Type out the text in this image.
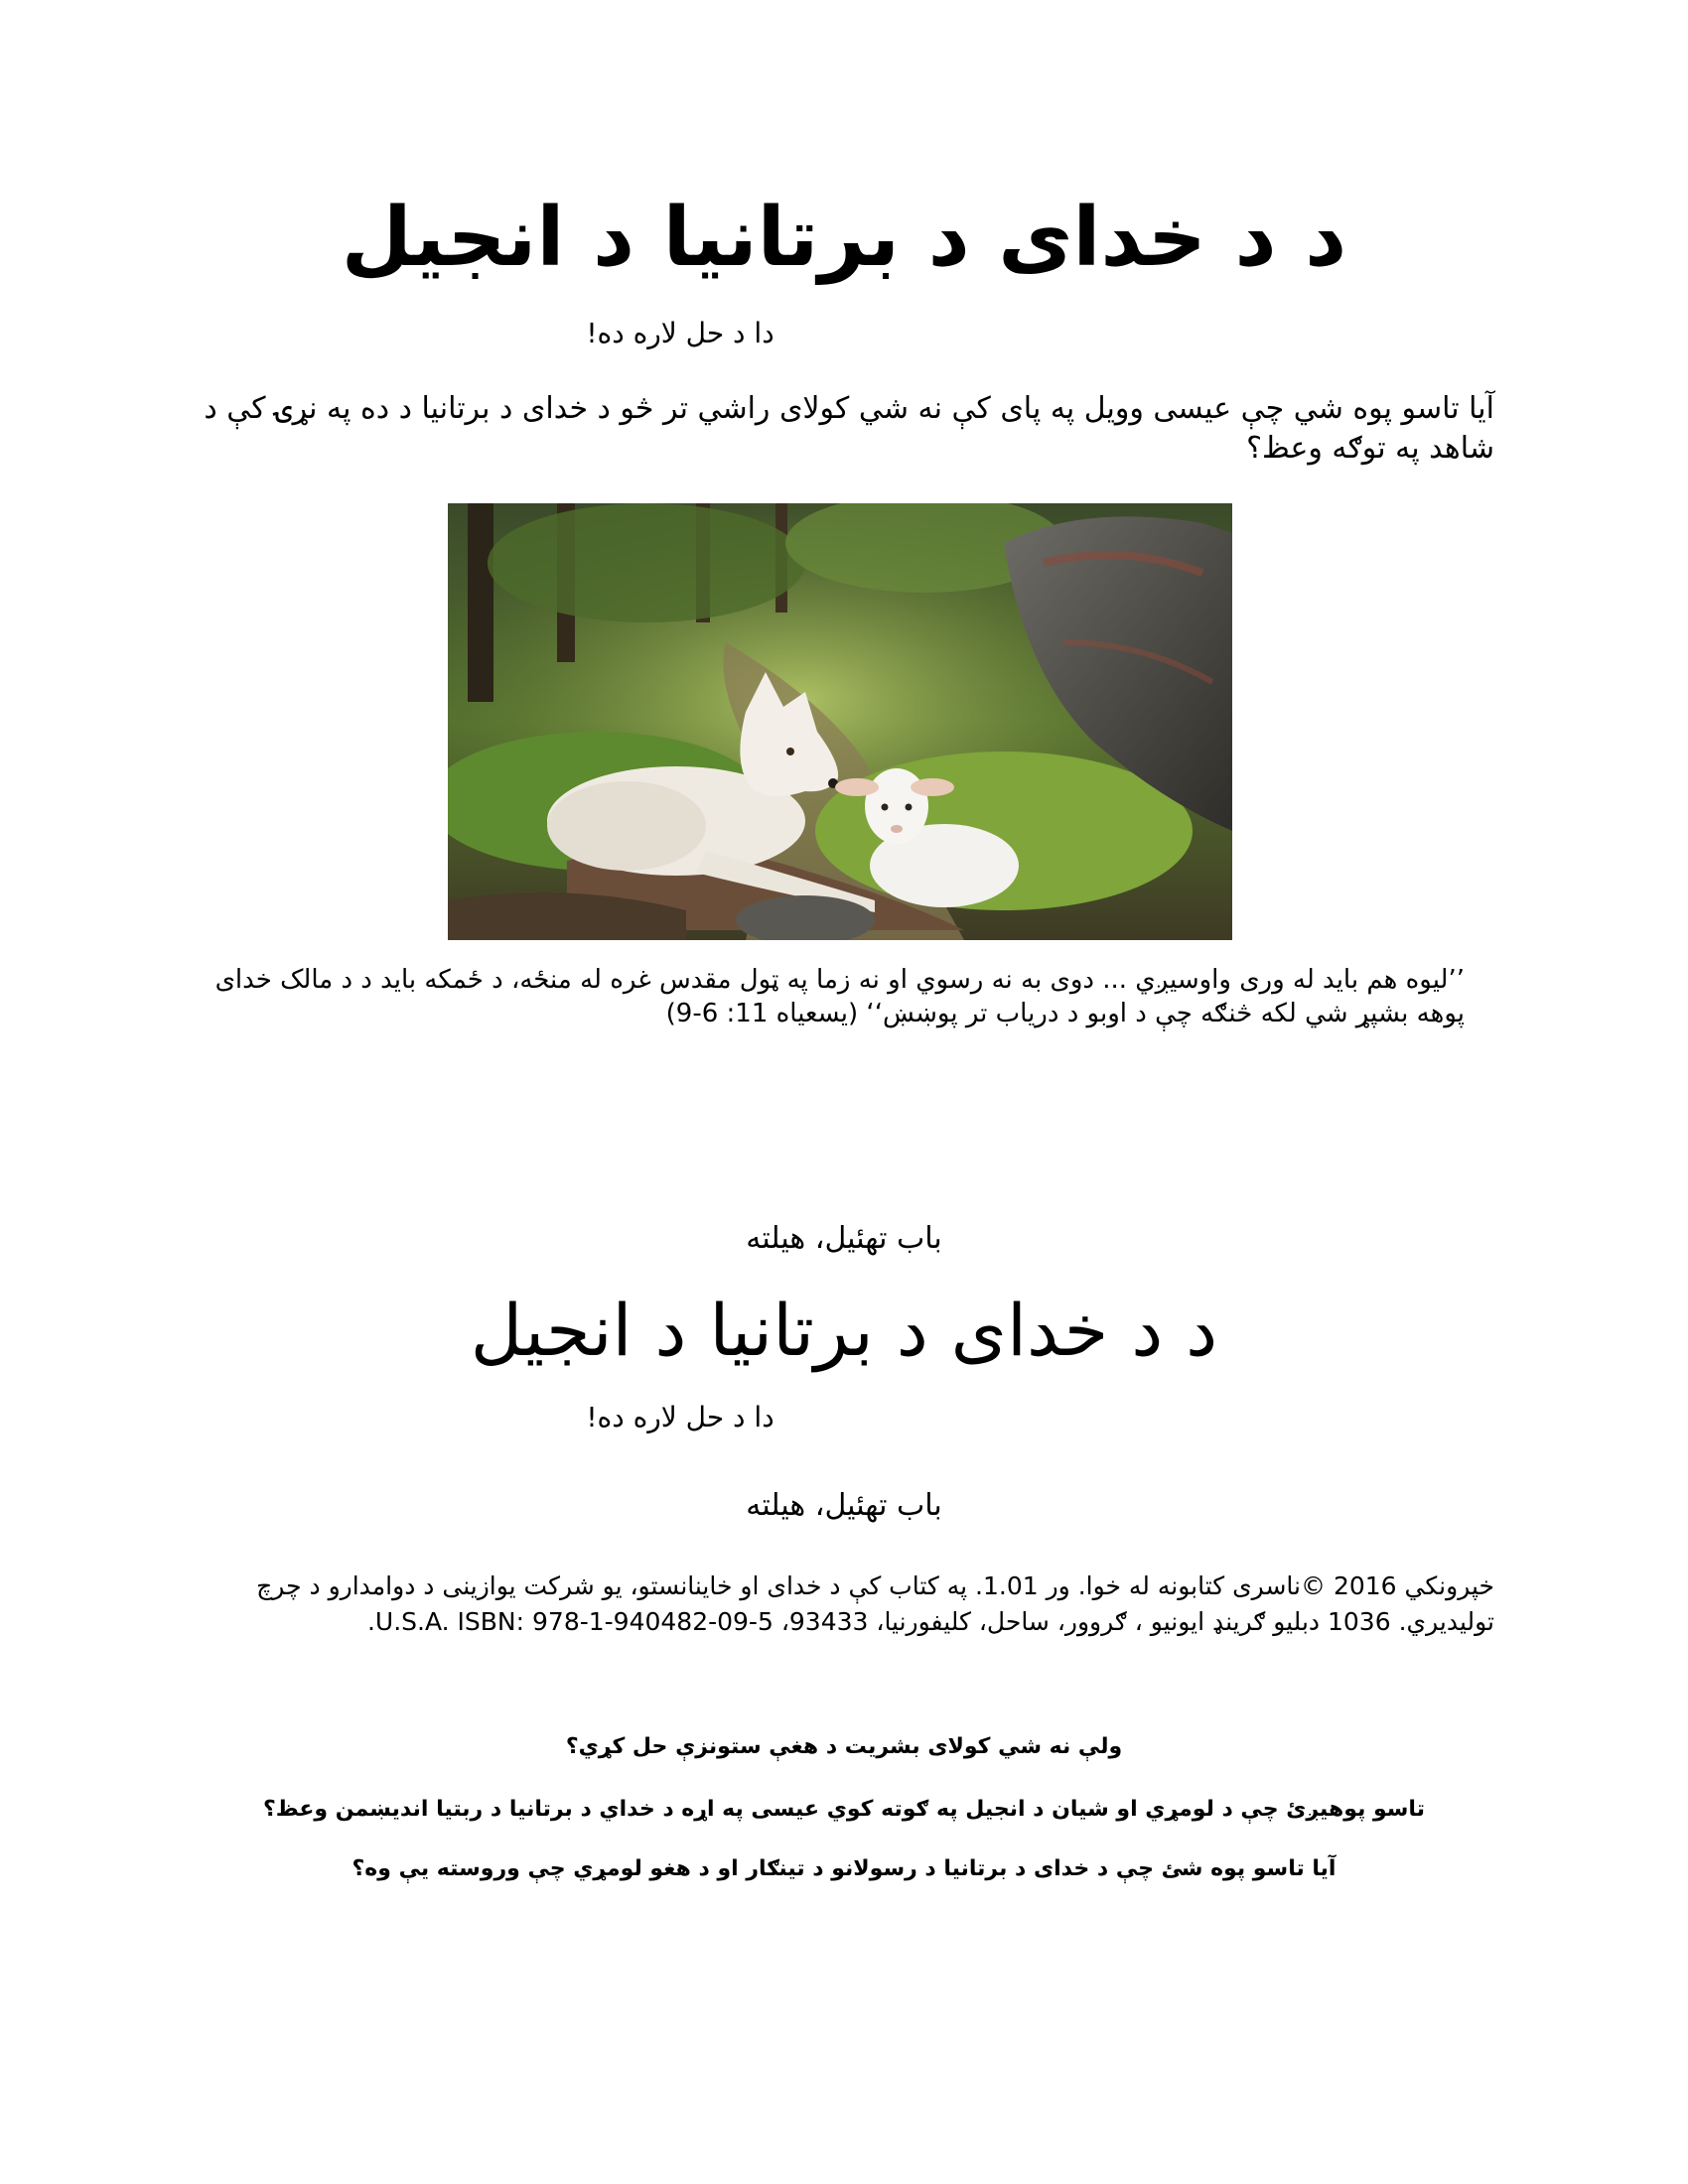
د د خدای د برتانیا د انجیل
دا د حل لاره ده!
آیا تاسو پوه شي چې عیسی وویل په پای کې نه شي کولای راشي تر څو د خدای د برتانیا د ده په نړۍ کې د شاهد په توګه وعظ؟
’’لیوه هم باید له وری واوسیږي ... دوی به نه رسوي او نه زما په ټول مقدس غره له منځه، د ځمکه باید د د مالک خدای
پوهه بشپړ شي لکه څنګه چې د اوبو د دریاب تر پوښښ‘‘ (یسعیاه 11: 6-9)
باب تهئیل، هیلته
د د خدای د برتانیا د انجیل
دا د حل لاره ده!
باب تهئیل، هیلته
خپرونکي 2016 ©ناسری کتابونه له خوا. ور 1.01. په کتاب کې د خدای او خاینانستو، یو شرکت یوازینی د دوامدارو د چرچ
تولیدیري. 1036 دبلیو ګرینډ ایونیو ، ګروور، ساحل، کلیفورنیا، 93433، U.S.A. ISBN: 978-1-940482-09-5.
ولې نه شي کولای بشریت د هغې ستونزې حل کړي؟
تاسو پوهیږئ چې د لومړي او شیان د انجیل په ګوته کوي عیسی په اړه د خداي د برتانیا د ربتیا اندیښمن وعظ؟
آیا تاسو پوه شئ چې د خدای د برتانیا د رسولانو د تینګار او د هغو لومړي چې وروسته یې وه؟
